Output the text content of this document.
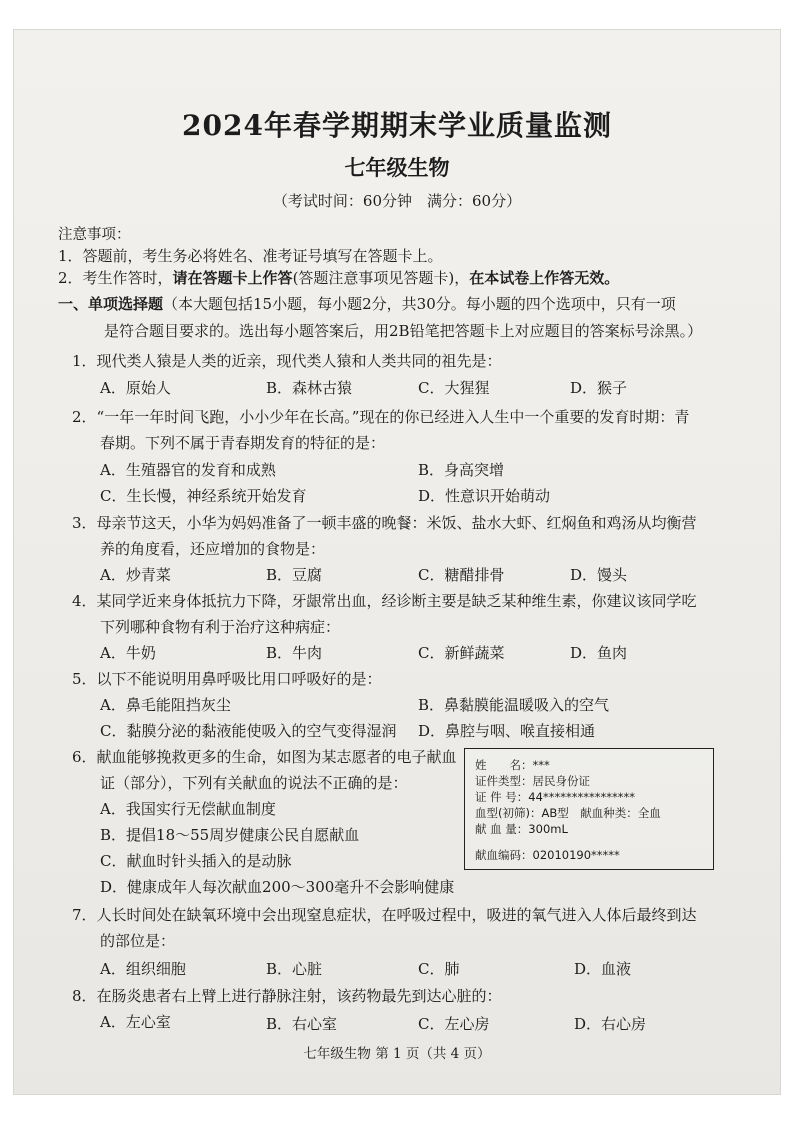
2024年春学期期末学业质量监测
七年级生物
（考试时间：60分钟　满分：60分）
注意事项：
1．答题前，考生务必将姓名、准考证号填写在答题卡上。
2．考生作答时，请在答题卡上作答(答题注意事项见答题卡)，在本试卷上作答无效。
一、单项选择题（本大题包括15小题，每小题2分，共30分。每小题的四个选项中，只有一项
是符合题目要求的。选出每小题答案后，用2B铅笔把答题卡上对应题目的答案标号涂黑。）
1．现代类人猿是人类的近亲，现代类人猿和人类共同的祖先是：
A．原始人	B．森林古猿	C．大猩猩	D．猴子
2．“一年一年时间飞跑，小小少年在长高。”现在的你已经进入人生中一个重要的发育时期：青
春期。下列不属于青春期发育的特征的是：
A．生殖器官的发育和成熟	B．身高突增
C．生长慢，神经系统开始发育	D．性意识开始萌动
3．母亲节这天，小华为妈妈准备了一顿丰盛的晚餐：米饭、盐水大虾、红焖鱼和鸡汤从均衡营
养的角度看，还应增加的食物是：
A．炒青菜	B．豆腐	C．糖醋排骨	D．馒头
4．某同学近来身体抵抗力下降，牙龈常出血，经诊断主要是缺乏某种维生素，你建议该同学吃
下列哪种食物有利于治疗这种病症：
A．牛奶	B．牛肉	C．新鲜蔬菜	D．鱼肉
5．以下不能说明用鼻呼吸比用口呼吸好的是：
A．鼻毛能阻挡灰尘	B．鼻黏膜能温暖吸入的空气
C．黏膜分泌的黏液能使吸入的空气变得湿润 D．鼻腔与咽、喉直接相通
6．献血能够挽救更多的生命，如图为某志愿者的电子献血
证（部分），下列有关献血的说法不正确的是：
A．我国实行无偿献血制度
B．提倡18～55周岁健康公民自愿献血
C．献血时针头插入的是动脉
D．健康成年人每次献血200～300毫升不会影响健康
姓　　名：***
证件类型：居民身份证
证 件 号：44****************
血型(初筛)：AB型　献血种类：全血
献 血 量：300mL
献血编码：02010190*****
7．人长时间处在缺氧环境中会出现窒息症状，在呼吸过程中，吸进的氧气进入人体后最终到达
的部位是：
A．组织细胞	B．心脏	C．肺	D．血液
8．在肠炎患者右上臂上进行静脉注射，该药物最先到达心脏的：
A．左心室	B．右心室	C．左心房	D．右心房
七年级生物 第 1 页（共 4 页）
